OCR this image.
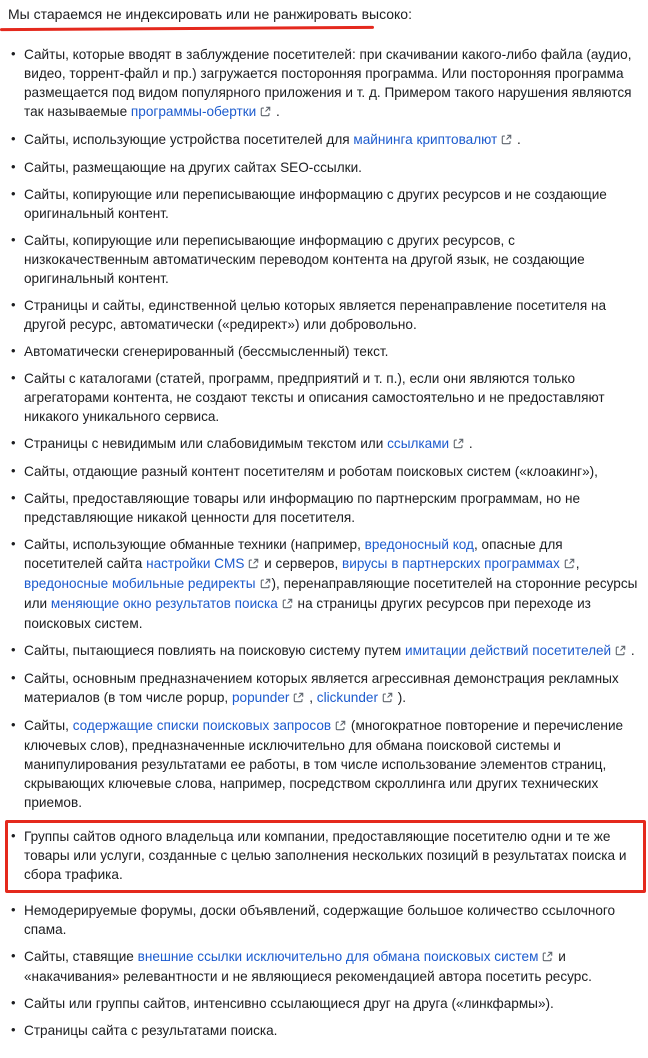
Мы стараемся не индексировать или не ранжировать высоко:

• Сайты, которые вводят в заблуждение посетителей: при скачивании какого-либо файла (аудио, видео, торрент-файл и пр.) загружается посторонняя программа. Или посторонняя программа размещается под видом популярного приложения и т. д. Примером такого нарушения являются так называемые программы-обертки .
• Сайты, использующие устройства посетителей для майнинга криптовалют .
• Сайты, размещающие на других сайтах SEO-ссылки.
• Сайты, копирующие или переписывающие информацию с других ресурсов и не создающие оригинальный контент.
• Сайты, копирующие или переписывающие информацию с других ресурсов, с низкокачественным автоматическим переводом контента на другой язык, не создающие оригинальный контент.
• Страницы и сайты, единственной целью которых является перенаправление посетителя на другой ресурс, автоматически («редирект») или добровольно.
• Автоматически сгенерированный (бессмысленный) текст.
• Сайты с каталогами (статей, программ, предприятий и т. п.), если они являются только агрегаторами контента, не создают тексты и описания самостоятельно и не предоставляют никакого уникального сервиса.
• Страницы с невидимым или слабовидимым текстом или ссылками .
• Сайты, отдающие разный контент посетителям и роботам поисковых систем («клоакинг»),
• Сайты, предоставляющие товары или информацию по партнерским программам, но не представляющие никакой ценности для посетителя.
• Сайты, использующие обманные техники (например, вредоносный код, опасные для посетителей сайта настройки CMS и серверов, вирусы в партнерских программах , вредоносные мобильные редиректы ), перенаправляющие посетителей на сторонние ресурсы или меняющие окно результатов поиска на страницы других ресурсов при переходе из поисковых систем.
• Сайты, пытающиеся повлиять на поисковую систему путем имитации действий посетителей .
• Сайты, основным предназначением которых является агрессивная демонстрация рекламных материалов (в том числе popup, popunder , clickunder ).
• Сайты, содержащие списки поисковых запросов (многократное повторение и перечисление ключевых слов), предназначенные исключительно для обмана поисковой системы и манипулирования результатами ее работы, в том числе использование элементов страниц, скрывающих ключевые слова, например, посредством скроллинга или других технических приемов.
• Группы сайтов одного владельца или компании, предоставляющие посетителю одни и те же товары или услуги, созданные с целью заполнения нескольких позиций в результатах поиска и сбора трафика.
• Немодерируемые форумы, доски объявлений, содержащие большое количество ссылочного спама.
• Сайты, ставящие внешние ссылки исключительно для обмана поисковых систем и «накачивания» релевантности и не являющиеся рекомендацией автора посетить ресурс.
• Сайты или группы сайтов, интенсивно ссылающиеся друг на друга («линкфармы»).
• Страницы сайта с результатами поиска.
